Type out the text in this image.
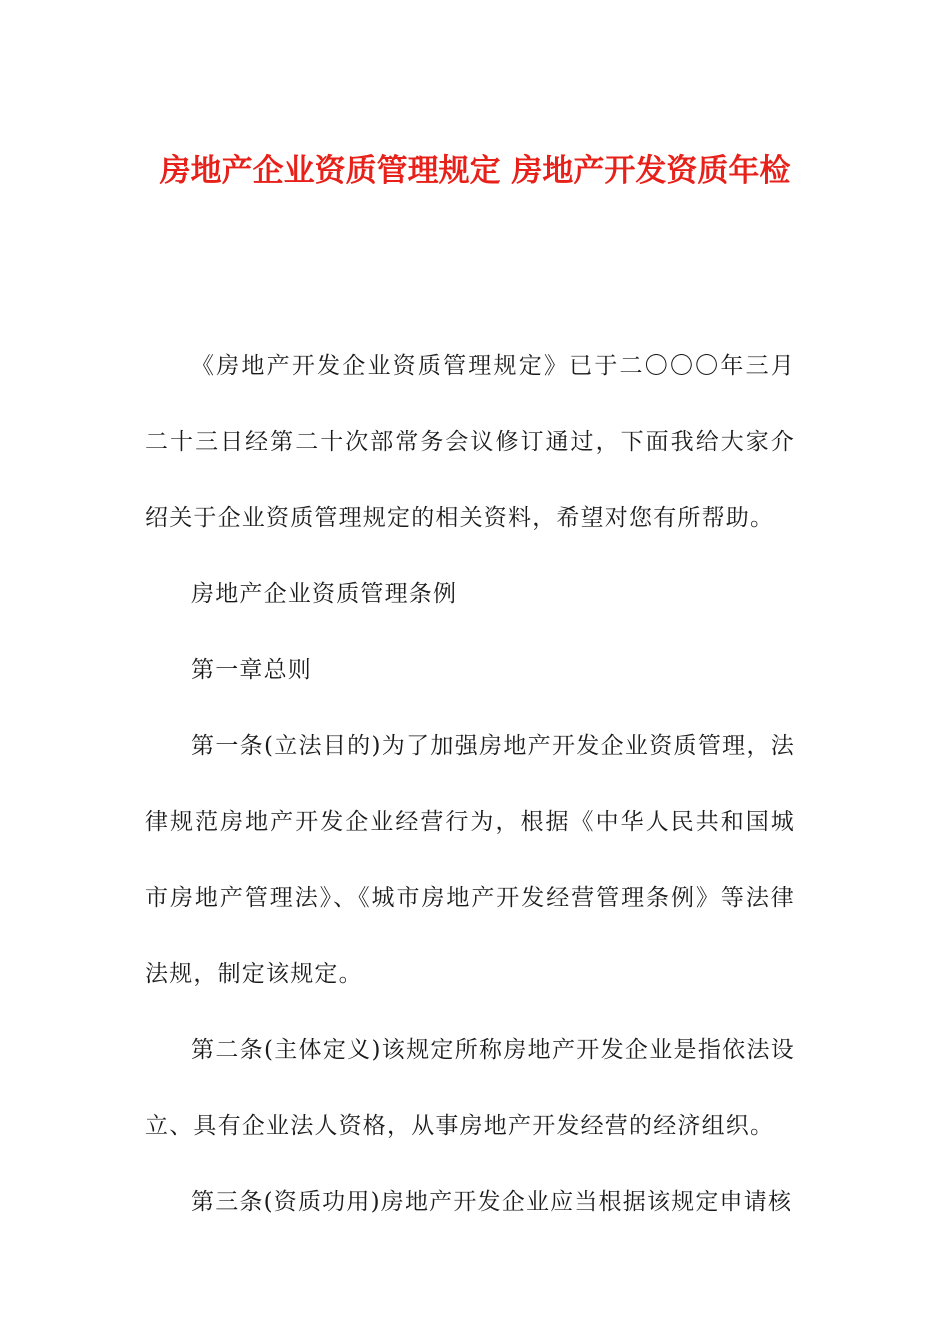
房地产企业资质管理规定 房地产开发资质年检

《房地产开发企业资质管理规定》已于二〇〇〇年三月二十三日经第二十次部常务会议修订通过，下面我给大家介绍关于企业资质管理规定的相关资料，希望对您有所帮助。

房地产企业资质管理条例

第一章总则

第一条(立法目的)为了加强房地产开发企业资质管理，法律规范房地产开发企业经营行为，根据《中华人民共和国城市房地产管理法》、《城市房地产开发经营管理条例》等法律法规，制定该规定。

第二条(主体定义)该规定所称房地产开发企业是指依法设立、具有企业法人资格，从事房地产开发经营的经济组织。

第三条(资质功用)房地产开发企业应当根据该规定申请核
